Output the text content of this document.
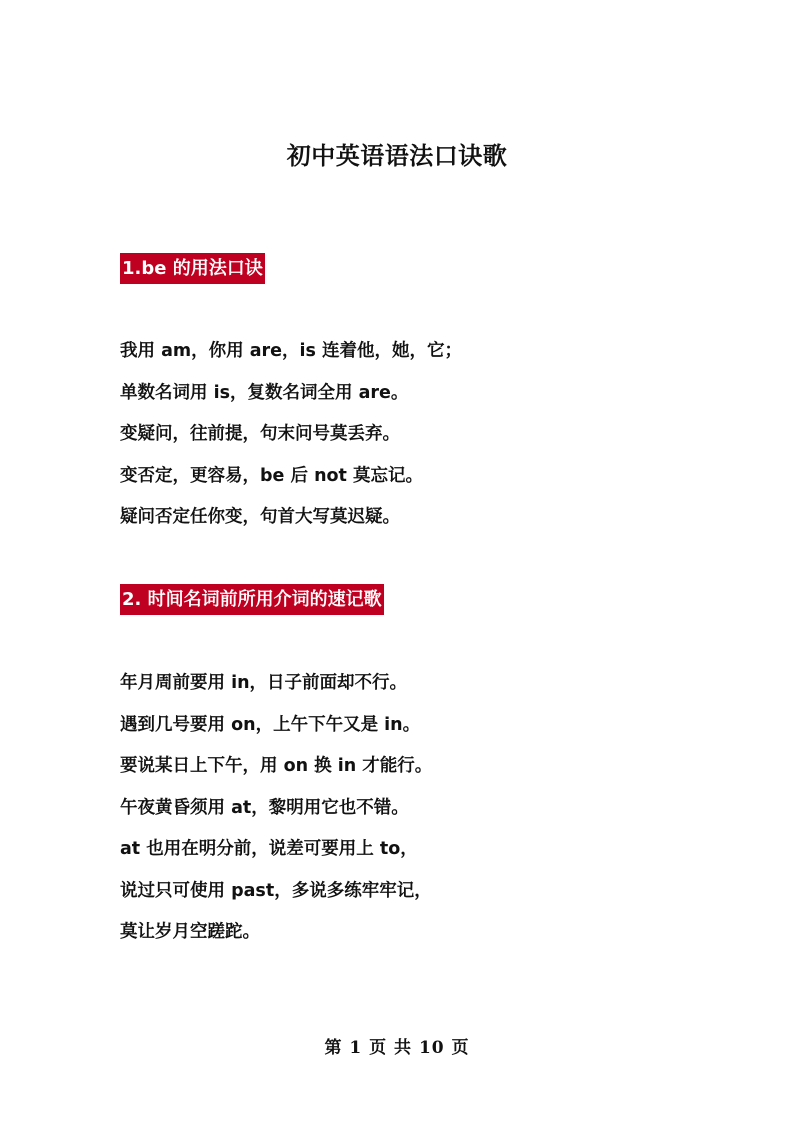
初中英语语法口诀歌
1.be 的用法口诀
我用 am，你用 are，is 连着他，她，它；
单数名词用 is，复数名词全用 are。
变疑问，往前提，句末问号莫丢弃。
变否定，更容易，be 后 not 莫忘记。
疑问否定任你变，句首大写莫迟疑。
2. 时间名词前所用介词的速记歌
年月周前要用 in，日子前面却不行。
遇到几号要用 on，上午下午又是 in。
要说某日上下午，用 on 换 in 才能行。
午夜黄昏须用 at，黎明用它也不错。
at 也用在明分前，说差可要用上 to，
说过只可使用 past，多说多练牢牢记，
莫让岁月空蹉跎。
第 1 页 共 10 页
